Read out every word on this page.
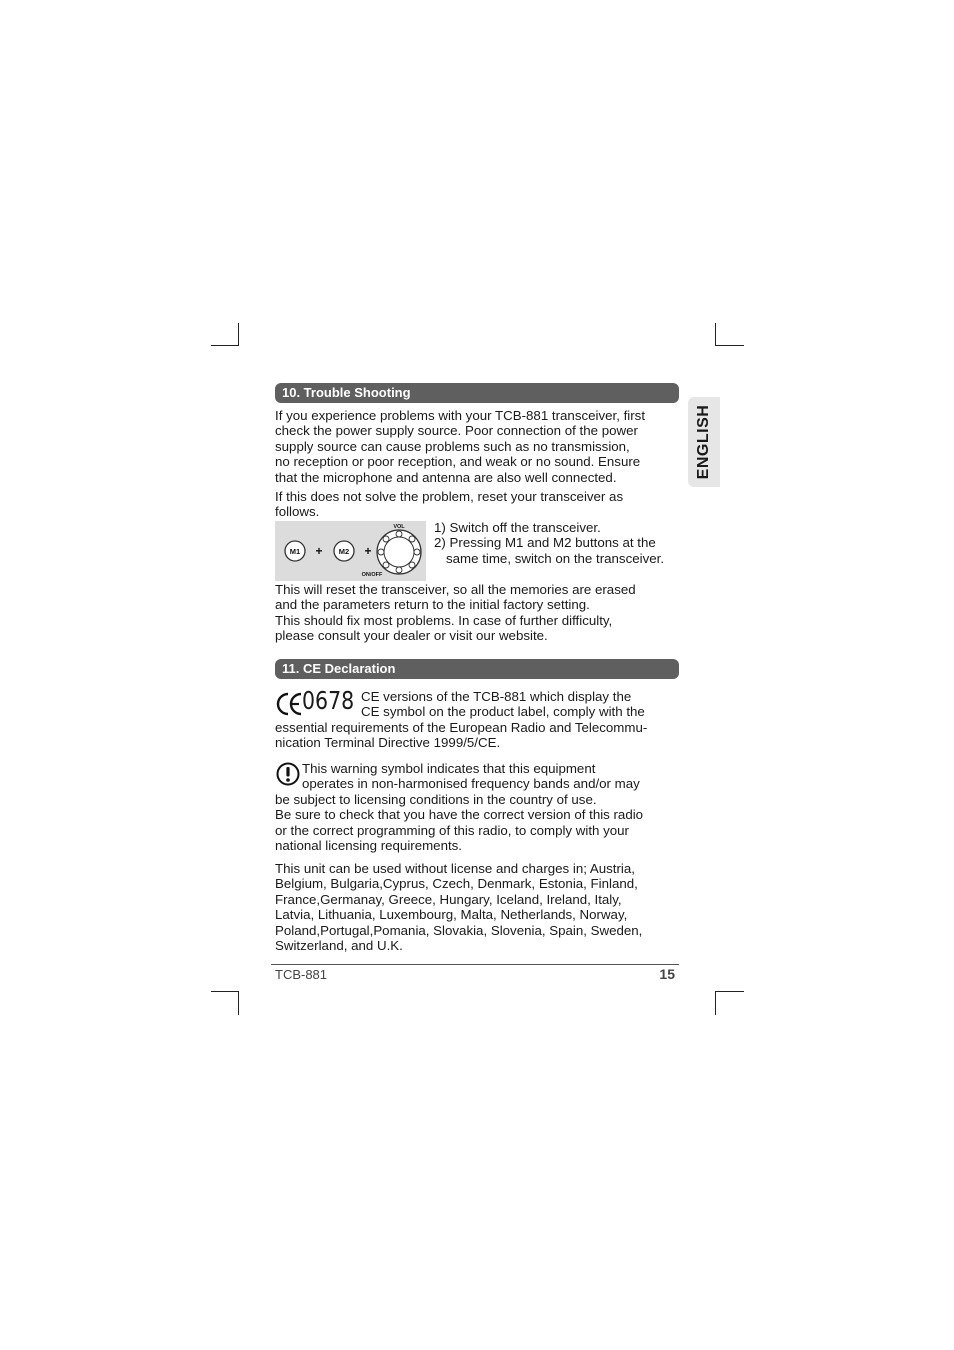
ENGLISH
10. Trouble Shooting

If you experience problems with your TCB-881 transceiver, first
check the power supply source. Poor connection of the power
supply source can cause problems such as no transmission,
no reception or poor reception, and weak or no sound. Ensure
that the microphone and antenna are also well connected.

If this does not solve the problem, reset your transceiver as
follows.

M1 + M2 +
VOL
ON/OFF
1) Switch off the transceiver.
2) Pressing M1 and M2 buttons at the
same time, switch on the transceiver.

This will reset the transceiver, so all the memories are erased
and the parameters return to the initial factory setting.
This should fix most problems. In case of further difficulty,
please consult your dealer or visit our website.

11. CE Declaration
0678 CE versions of the TCB-881 which display the
CE symbol on the product label, comply with the
essential requirements of the European Radio and Telecommu-
nication Terminal Directive 1999/5/CE.

This warning symbol indicates that this equipment
operates in non-harmonised frequency bands and/or may
be subject to licensing conditions in the country of use.
Be sure to check that you have the correct version of this radio
or the correct programming of this radio, to comply with your
national licensing requirements.

This unit can be used without license and charges in; Austria,
Belgium, Bulgaria,Cyprus, Czech, Denmark, Estonia, Finland,
France,Germanay, Greece, Hungary, Iceland, Ireland, Italy,
Latvia, Lithuania, Luxembourg, Malta, Netherlands, Norway,
Poland,Portugal,Pomania, Slovakia, Slovenia, Spain, Sweden,
Switzerland, and U.K.

TCB-881	15
